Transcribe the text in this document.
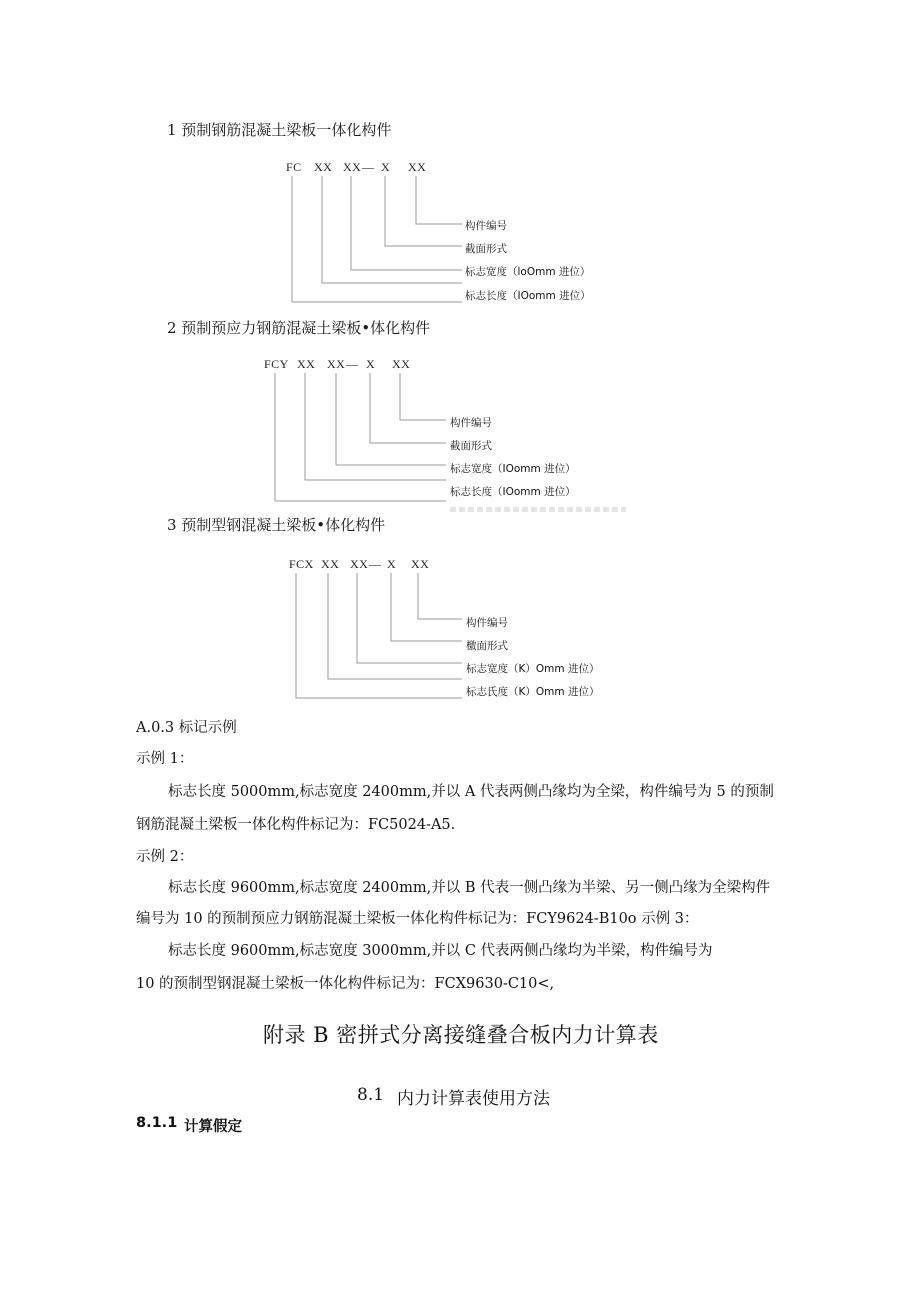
1 预制钢筋混凝土梁板一体化构件
FC XX XX — X XX
构件编号
截面形式
标志宽度（loOmm 进位）
标志长度（IOomm 进位）
2 预制预应力钢筋混凝土梁板•体化构件
FCY XX XX — X XX
构件编号
截面形式
标志宽度（IOomm 进位）
标志长度（IOomm 进位）
3 预制型钢混凝土梁板•体化构件
FCX XX XX — X XX
构件编号
檄面形式
标志宽度（K）Omm 进位）
标志氏度（K）Omm 进位）
A.0.3 标记示例
示例 1：
标志长度 5000mm,标志宽度 2400mm,并以 A 代表两侧凸缘均为全梁，构件编号为 5 的预制
钢筋混凝土梁板一体化构件标记为：FC5024-A5.
示例 2：
标志长度 9600mm,标志宽度 2400mm,并以 B 代表一侧凸缘为半梁、另一侧凸缘为全梁构件
编号为 10 的预制预应力钢筋混凝土梁板一体化构件标记为：FCY9624-B10o 示例 3：
标志长度 9600mm,标志宽度 3000mm,并以 C 代表两侧凸缘均为半梁，构件编号为
10 的预制型钢混凝土梁板一体化构件标记为：FCX9630-C10<,
附录 B 密拼式分离接缝叠合板内力计算表
8.1 内力计算表使用方法
8.1.1 计算假定
